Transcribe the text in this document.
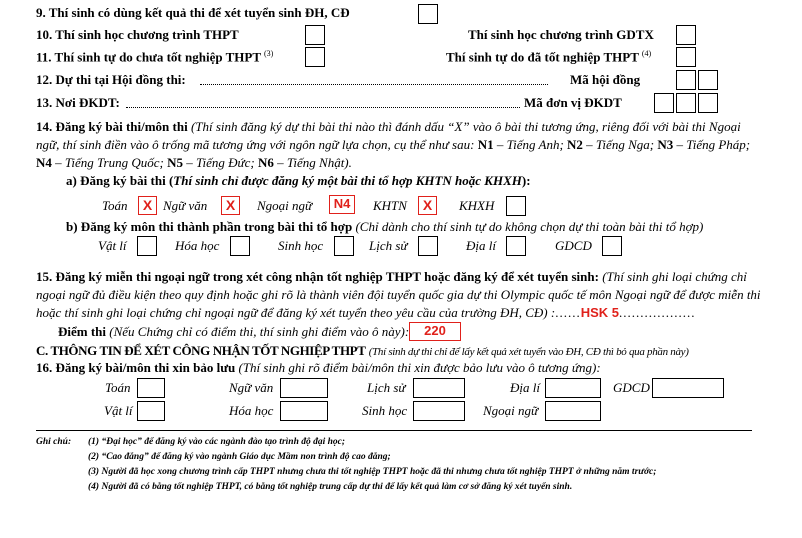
9. Thí sinh có dùng kết quả thi để xét tuyển sinh ĐH, CĐ
10. Thí sinh học chương trình THPT	Thí sinh học chương trình GDTX
11. Thí sinh tự do chưa tốt nghiệp THPT $^{(3)}$	Thí sinh tự do đã tốt nghiệp THPT $^{(4)}$
12. Dự thi tại Hội đồng thi:	Mã hội đồng
13. Nơi ĐKDT:	Mã đơn vị ĐKDT
14. Đăng ký bài thi/môn thi (Thí sinh đăng ký dự thi bài thi nào thì đánh dấu “X” vào ô bài thi tương ứng, riêng đối với bài thi Ngoại ngữ, thí sinh điền vào ô trống mã tương ứng với ngôn ngữ lựa chọn, cụ thể như sau: N1 – Tiếng Anh; N2 – Tiếng Nga; N3 – Tiếng Pháp; N4 – Tiếng Trung Quốc; N5 – Tiếng Đức; N6 – Tiếng Nhật).
a) Đăng ký bài thi (Thí sinh chỉ được đăng ký một bài thi tổ hợp KHTN hoặc KHXH):
Toán	X Ngữ văn	X	Ngoại ngữ	N4	KHTN	X	KHXH
b) Đăng ký môn thi thành phần trong bài thi tổ hợp (Chỉ dành cho thí sinh tự do không chọn dự thi toàn bài thi tổ hợp)
Vật lí	Hóa học	Sinh học	Lịch sử	Địa lí	GDCD
15. Đăng ký miễn thi ngoại ngữ trong xét công nhận tốt nghiệp THPT hoặc đăng ký để xét tuyển sinh: (Thí sinh ghi loại chứng chỉ ngoại ngữ đủ điều kiện theo quy định hoặc ghi rõ là thành viên đội tuyển quốc gia dự thi Olympic quốc tế môn Ngoại ngữ để được miễn thi hoặc thí sinh ghi loại chứng chỉ ngoại ngữ để đăng ký xét tuyển theo yêu cầu của trường ĐH, CĐ) :......HSK 5..................
Điểm thi (Nếu Chứng chỉ có điểm thi, thí sinh ghi điểm vào ô này):	220
C. THÔNG TIN ĐỂ XÉT CÔNG NHẬN TỐT NGHIỆP THPT (Thí sinh dự thi chỉ để lấy kết quả xét tuyển vào ĐH, CĐ thì bỏ qua phần này)
16. Đăng ký bài/môn thi xin bảo lưu (Thí sinh ghi rõ điểm bài/môn thi xin được bảo lưu vào ô tương ứng):
Toán	Ngữ văn	Lịch sử	Địa lí	GDCD
Vật lí	Hóa học	Sinh học	Ngoại ngữ
Ghi chú: (1) “Đại học” để đăng ký vào các ngành đào tạo trình độ đại học;
(2) “Cao đẳng” để đăng ký vào ngành Giáo dục Mầm non trình độ cao đẳng;
(3) Người đã học xong chương trình cấp THPT nhưng chưa thi tốt nghiệp THPT hoặc đã thi nhưng chưa tốt nghiệp THPT ở những năm trước;
(4) Người đã có bằng tốt nghiệp THPT, có bằng tốt nghiệp trung cấp dự thi để lấy kết quả làm cơ sở đăng ký xét tuyển sinh.
